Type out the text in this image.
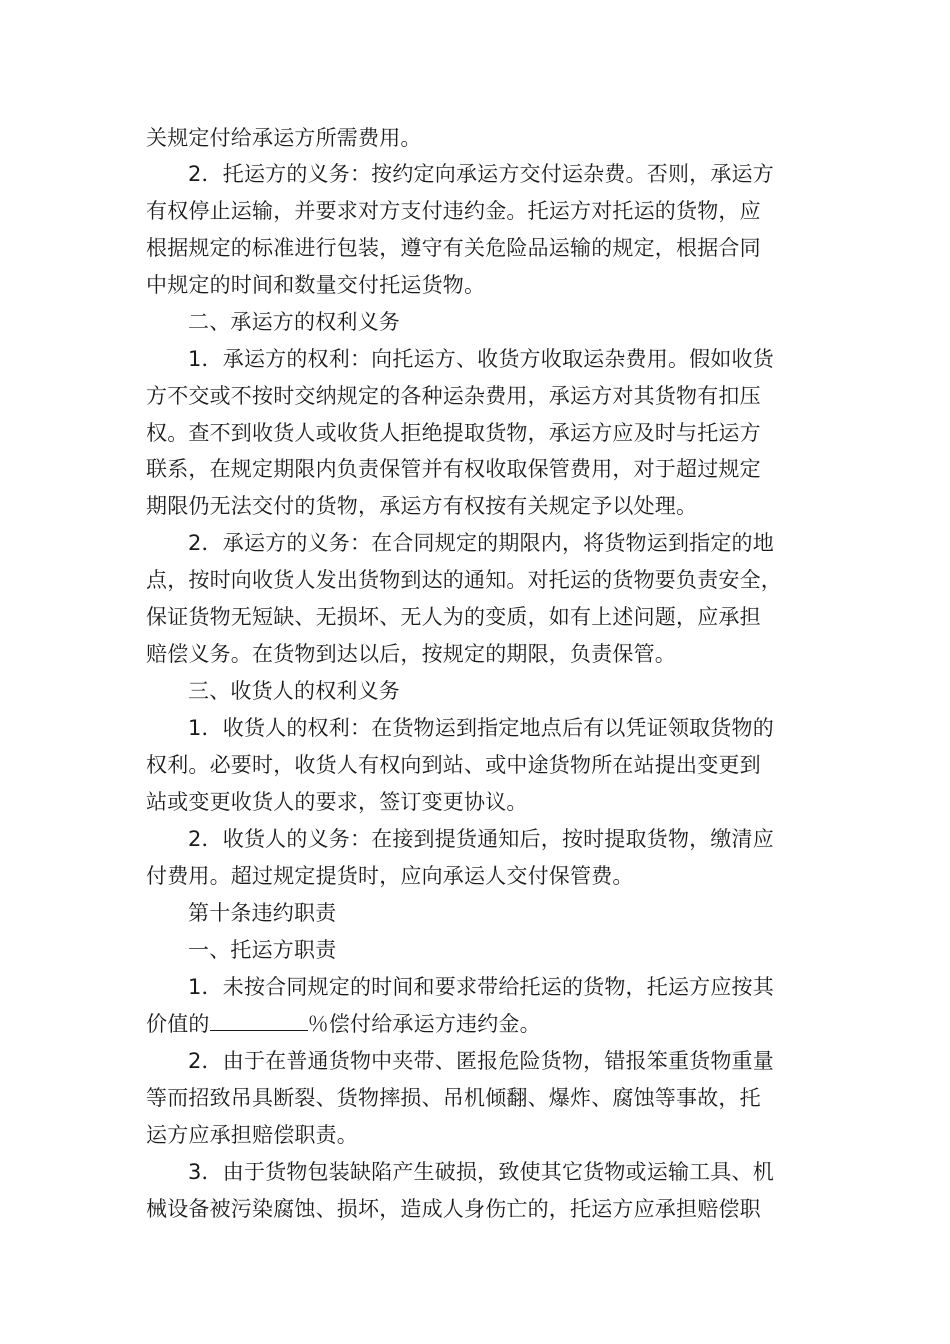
关规定付给承运方所需费用。
2．托运方的义务：按约定向承运方交付运杂费。否则，承运方
有权停止运输，并要求对方支付违约金。托运方对托运的货物，应
根据规定的标准进行包装，遵守有关危险品运输的规定，根据合同
中规定的时间和数量交付托运货物。
二、承运方的权利义务
1．承运方的权利：向托运方、收货方收取运杂费用。假如收货
方不交或不按时交纳规定的各种运杂费用，承运方对其货物有扣压
权。查不到收货人或收货人拒绝提取货物，承运方应及时与托运方
联系，在规定期限内负责保管并有权收取保管费用，对于超过规定
期限仍无法交付的货物，承运方有权按有关规定予以处理。
2．承运方的义务：在合同规定的期限内，将货物运到指定的地
点，按时向收货人发出货物到达的通知。对托运的货物要负责安全，
保证货物无短缺、无损坏、无人为的变质，如有上述问题，应承担
赔偿义务。在货物到达以后，按规定的期限，负责保管。
三、收货人的权利义务
1．收货人的权利：在货物运到指定地点后有以凭证领取货物的
权利。必要时，收货人有权向到站、或中途货物所在站提出变更到
站或变更收货人的要求，签订变更协议。
2．收货人的义务：在接到提货通知后，按时提取货物，缴清应
付费用。超过规定提货时，应向承运人交付保管费。
第十条违约职责
一、托运方职责
1．未按合同规定的时间和要求带给托运的货物，托运方应按其
价值的	％偿付给承运方违约金。
2．由于在普通货物中夹带、匿报危险货物，错报笨重货物重量
等而招致吊具断裂、货物摔损、吊机倾翻、爆炸、腐蚀等事故，托
运方应承担赔偿职责。
3．由于货物包装缺陷产生破损，致使其它货物或运输工具、机
械设备被污染腐蚀、损坏，造成人身伤亡的，托运方应承担赔偿职
